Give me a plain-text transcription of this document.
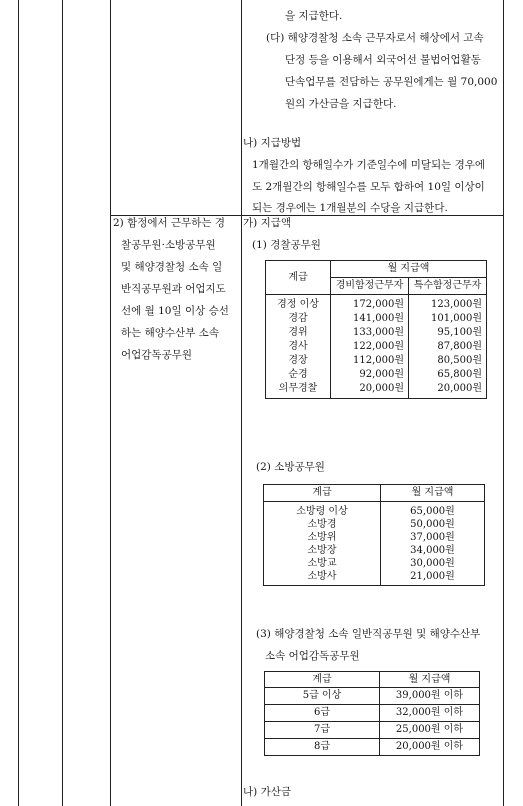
을 지급한다.
(다) 해양경찰청 소속 근무자로서 해상에서 고속
단정 등을 이용해서 외국어선 불법어업활동
단속업무를 전담하는 공무원에게는 월 70,000
원의 가산금을 지급한다.
나) 지급방법
1개월간의 항해일수가 기준일수에 미달되는 경우에
도 2개월간의 항해일수를 모두 합하여 10일 이상이
되는 경우에는 1개월분의 수당을 지급한다.
2) 함정에서 근무하는 경
찰공무원·소방공무원
및 해양경찰청 소속 일
반직공무원과 어업지도
선에 월 10일 이상 승선
하는 해양수산부 소속
어업감독공무원
가) 지급액
(1) 경찰공무원
계급	월 지급액	
	경비함정근무자	특수함정근무자
경정 이상	172,000원	123,000원
경감	141,000원	101,000원
경위	133,000원	95,100원
경사	122,000원	87,800원
경장	112,000원	80,500원
순경	92,000원	65,800원
의무경찰	20,000원	20,000원
(2) 소방공무원
계급	월 지급액
소방령 이상	65,000원
소방경	50,000원
소방위	37,000원
소방장	34,000원
소방교	30,000원
소방사	21,000원
(3) 해양경찰청 소속 일반직공무원 및 해양수산부
소속 어업감독공무원
계급	월 지급액
5급 이상	39,000원 이하
6급	32,000원 이하
7급	25,000원 이하
8급	20,000원 이하
나) 가산금
